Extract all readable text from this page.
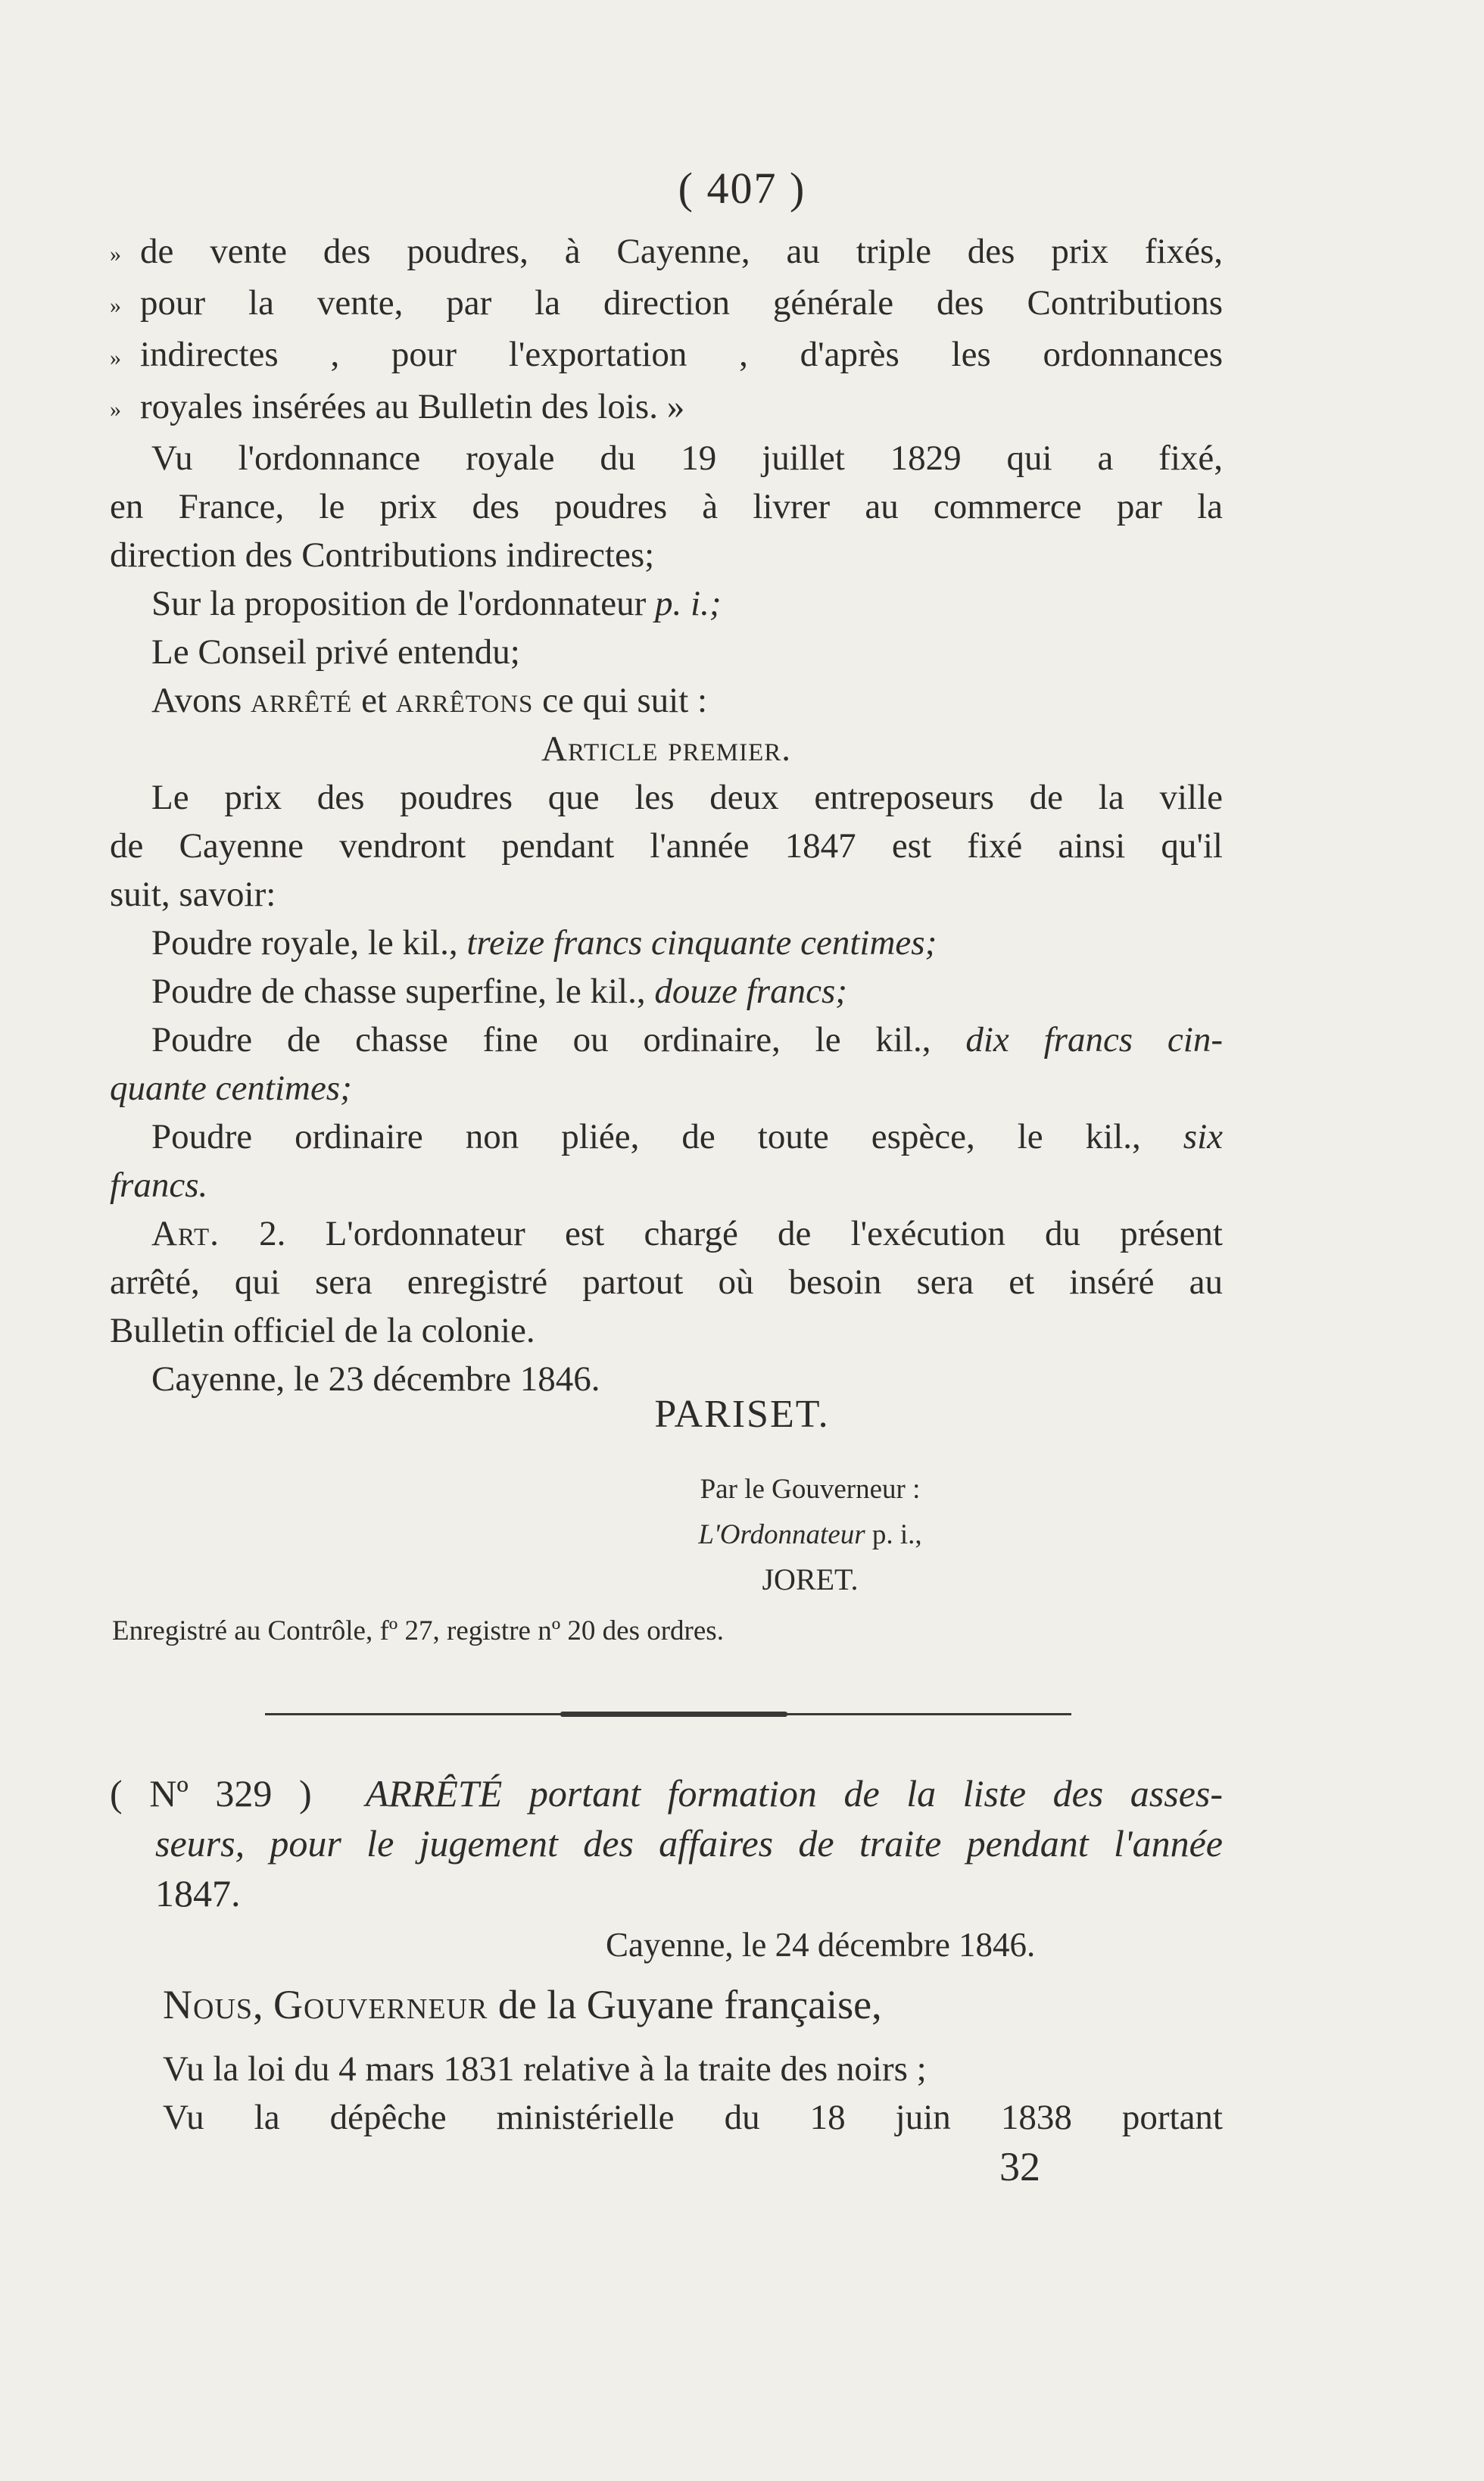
( 407 )
» de vente des poudres, à Cayenne, au triple des prix fixés,
» pour la vente, par la direction générale des Contributions
» indirectes , pour l'exportation , d'après les ordonnances
» royales insérées au Bulletin des lois. »
Vu l'ordonnance royale du 19 juillet 1829 qui a fixé,
en France, le prix des poudres à livrer au commerce par la
direction des Contributions indirectes;
Sur la proposition de l'ordonnateur p. i.;
Le Conseil privé entendu;
Avons arrêté et arrêtons ce qui suit :
Article premier.
Le prix des poudres que les deux entreposeurs de la ville
de Cayenne vendront pendant l'année 1847 est fixé ainsi qu'il
suit, savoir:
Poudre royale, le kil., treize francs cinquante centimes;
Poudre de chasse superfine, le kil., douze francs;
Poudre de chasse fine ou ordinaire, le kil., dix francs cin-
quante centimes;
Poudre ordinaire non pliée, de toute espèce, le kil., six
francs.
Art. 2. L'ordonnateur est chargé de l'exécution du présent
arrêté, qui sera enregistré partout où besoin sera et inséré au
Bulletin officiel de la colonie.
Cayenne, le 23 décembre 1846.
PARISET.
Par le Gouverneur :
L'Ordonnateur p. i.,
JORET.
Enregistré au Contrôle, fº 27, registre nº 20 des ordres.
( Nº 329 ) ARRÊTÉ portant formation de la liste des asses-
seurs, pour le jugement des affaires de traite pendant l'année
1847.
Cayenne, le 24 décembre 1846.
Nous, Gouverneur de la Guyane française,
Vu la loi du 4 mars 1831 relative à la traite des noirs ;
Vu la dépêche ministérielle du 18 juin 1838 portant
32
